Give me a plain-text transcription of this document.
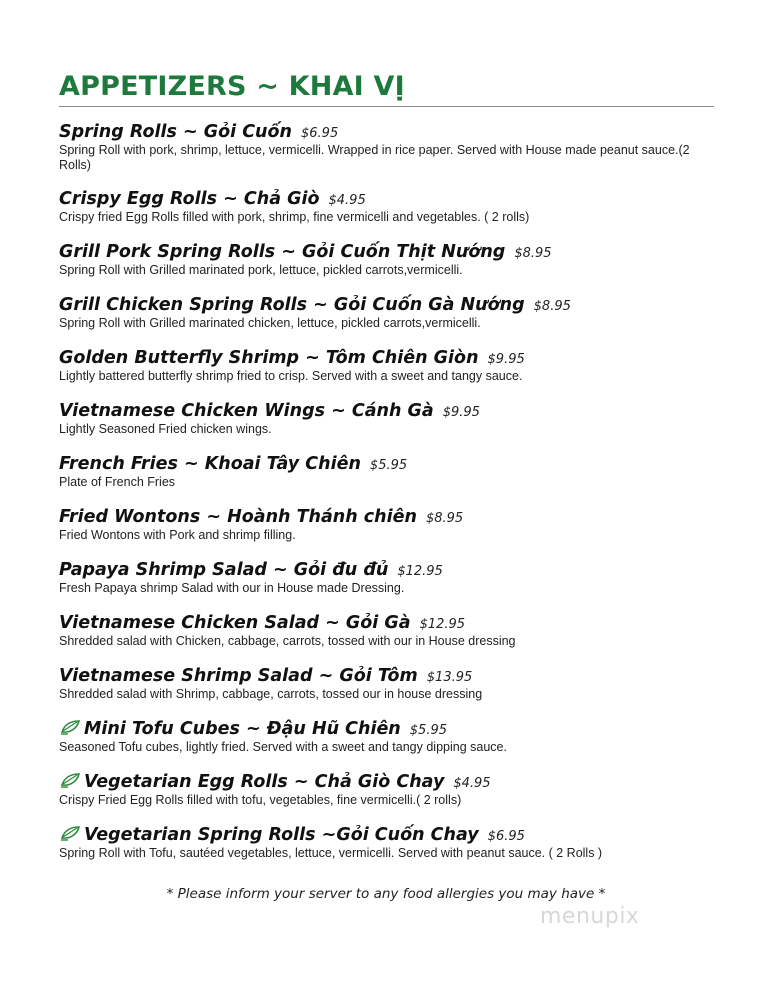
APPETIZERS ~ KHAI VỊ
Spring Rolls ~ Gỏi Cuốn $6.95
Spring Roll with pork, shrimp, lettuce, vermicelli. Wrapped in rice paper. Served with House made peanut sauce.(2 Rolls)
Crispy Egg Rolls ~ Chả Giò $4.95
Crispy fried Egg Rolls filled with pork, shrimp, fine vermicelli and vegetables. ( 2 rolls)
Grill Pork Spring Rolls ~ Gỏi Cuốn Thịt Nướng $8.95
Spring Roll with Grilled marinated pork, lettuce, pickled carrots,vermicelli.
Grill Chicken Spring Rolls ~ Gỏi Cuốn Gà Nướng $8.95
Spring Roll with Grilled marinated chicken, lettuce, pickled carrots,vermicelli.
Golden Butterfly Shrimp ~ Tôm Chiên Giòn $9.95
Lightly battered butterfly shrimp fried to crisp. Served with a sweet and tangy sauce.
Vietnamese Chicken Wings ~ Cánh Gà $9.95
Lightly Seasoned Fried chicken wings.
French Fries ~ Khoai Tây Chiên $5.95
Plate of French Fries
Fried Wontons ~ Hoành Thánh chiên $8.95
Fried Wontons with Pork and shrimp filling.
Papaya Shrimp Salad ~ Gỏi đu đủ $12.95
Fresh Papaya shrimp Salad with our in House made Dressing.
Vietnamese Chicken Salad ~ Gỏi Gà $12.95
Shredded salad with Chicken, cabbage, carrots, tossed with our in House dressing
Vietnamese Shrimp Salad ~ Gỏi Tôm $13.95
Shredded salad with Shrimp, cabbage, carrots, tossed our in house dressing
Mini Tofu Cubes ~ Đậu Hũ Chiên $5.95
Seasoned Tofu cubes, lightly fried. Served with a sweet and tangy dipping sauce.
Vegetarian Egg Rolls ~ Chả Giò Chay $4.95
Crispy Fried Egg Rolls filled with tofu, vegetables, fine vermicelli.( 2 rolls)
Vegetarian Spring Rolls ~Gỏi Cuốn Chay $6.95
Spring Roll with Tofu, sautéed vegetables, lettuce, vermicelli. Served with peanut sauce. ( 2 Rolls )
* Please inform your server to any food allergies you may have *
menupix
